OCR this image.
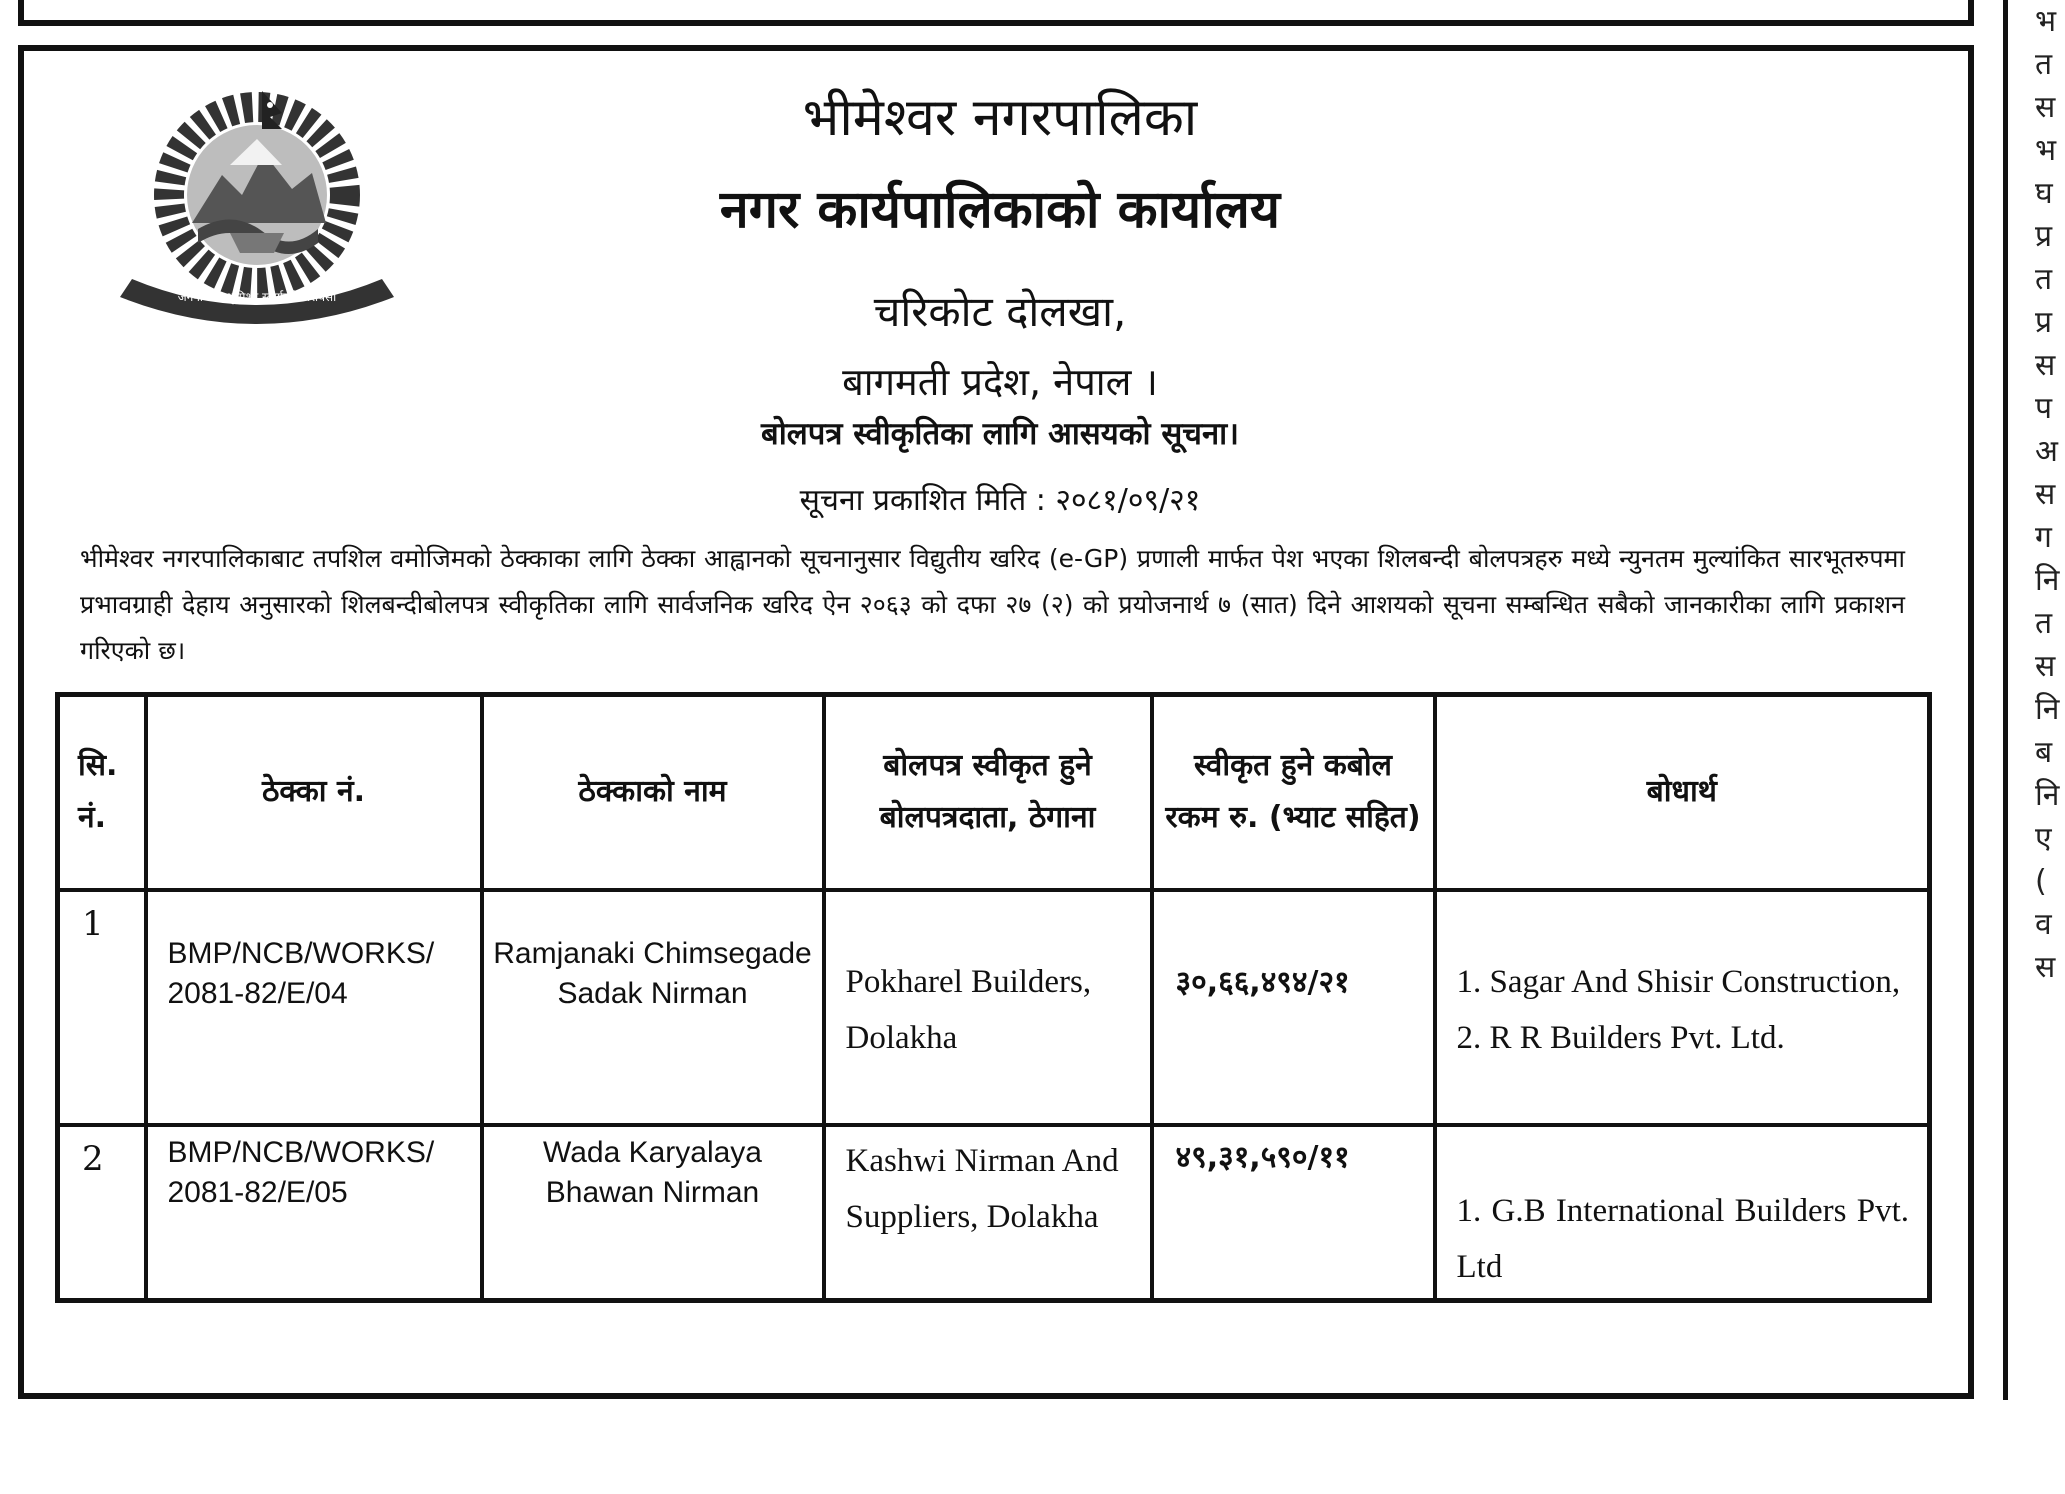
भ
त
स
भ
घ
प्र
त
प्र
स
प
अ
स
ग
नि
त
स
नि
ब
नि
ए
(
व
स
जननी जन्मभूमिश्च स्वर्गादपि गरीयसी
भीमेश्वर नगरपालिका
नगर कार्यपालिकाको कार्यालय
चरिकोट दोलखा,
बागमती प्रदेश, नेपाल ।
बोलपत्र स्वीकृतिका लागि आसयको सूचना।
सूचना प्रकाशित मिति : २०८१/०९/२१
भीमेश्वर नगरपालिकाबाट तपशिल वमोजिमको ठेक्काका लागि ठेक्का आह्वानको सूचनानुसार विद्युतीय खरिद (e-GP) प्रणाली मार्फत पेश भएका शिलबन्दी बोलपत्रहरु मध्ये न्युनतम मुल्यांकित सारभूतरुपमा प्रभावग्राही देहाय अनुसारको शिलबन्दीबोलपत्र स्वीकृतिका लागि सार्वजनिक खरिद ऐन २०६३ को दफा २७ (२) को प्रयोजनार्थ ७ (सात) दिने आशयको सूचना सम्बन्धित सबैको जानकारीका लागि प्रकाशन गरिएको छ।
सि. नं.	ठेक्का नं.	ठेक्काको नाम	बोलपत्र स्वीकृत हुने बोलपत्रदाता, ठेगाना	स्वीकृत हुने कबोल रकम रु. (भ्याट सहित)	बोधार्थ
1	BMP/NCB/WORKS/ 2081-82/E/04	Ramjanaki Chimsegade Sadak Nirman	Pokharel Builders, Dolakha	३०,६६,४९४/२१	1. Sagar And Shisir Construction,
2. R R Builders Pvt. Ltd.

2	BMP/NCB/WORKS/ 2081-82/E/05	Wada Karyalaya Bhawan Nirman	Kashwi Nirman And Suppliers, Dolakha	४९,३१,५९०/११	1. G.B International Builders Pvt. Ltd
